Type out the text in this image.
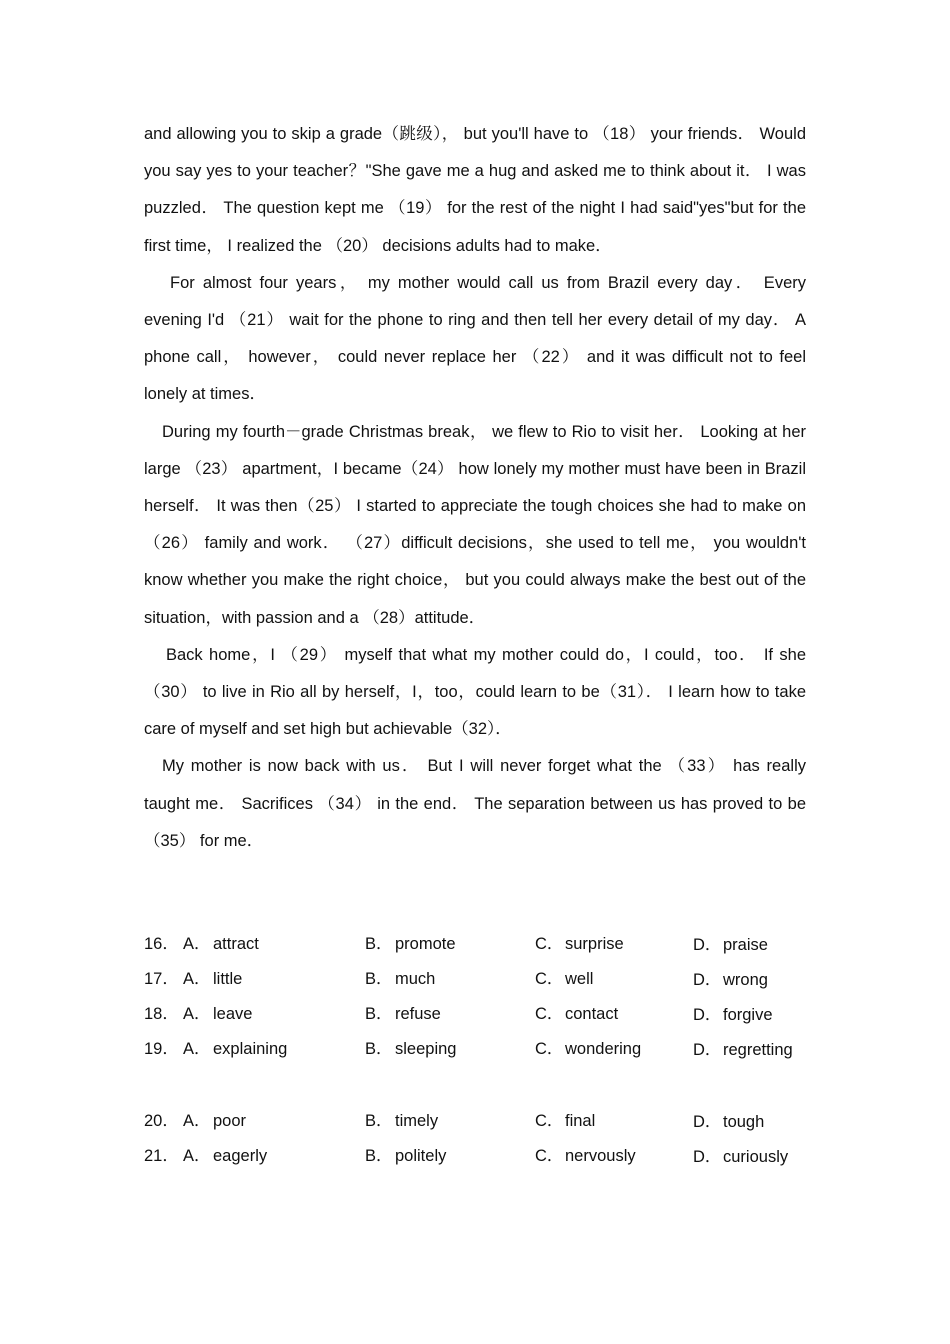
and allowing you to skip a grade（跳级）， but you'll have to （18） your friends． Would you say yes to your teacher？"She gave me a hug and asked me to think about it． I was puzzled． The question kept me （19） for the rest of the night I had said"yes"but for the first time， I realized the （20） decisions adults had to make．

For almost four years， my mother would call us from Brazil every day． Every evening I'd （21） wait for the phone to ring and then tell her every detail of my day． A phone call， however， could never replace her （22） and it was difficult not to feel lonely at times．

During my fourth－grade Christmas break， we flew to Rio to visit her． Looking at her large （23） apartment，I became（24） how lonely my mother must have been in Brazil herself． It was then（25） I started to appreciate the tough choices she had to make on （26） family and work． （27）difficult decisions，she used to tell me， you wouldn't know whether you make the right choice， but you could always make the best out of the situation，with passion and a （28）attitude．

Back home，I （29） myself that what my mother could do，I could，too． If she （30） to live in Rio all by herself，I，too，could learn to be（31）． I learn how to take care of myself and set high but achievable（32）．

My mother is now back with us． But I will never forget what the （33） has really taught me． Sacrifices （34） in the end． The separation between us has proved to be（35） for me．

16． A． attract	B． promote	C．surprise	D．praise
17． A． little	B． much	C．well	D．wrong
18． A． leave	B． refuse	C．contact	D．forgive
19． A． explaining	B． sleeping	C．wondering	D．regretting
20． A． poor	B． timely	C．final	D．tough
21． A． eagerly	B． politely	C．nervously	D．curiously
